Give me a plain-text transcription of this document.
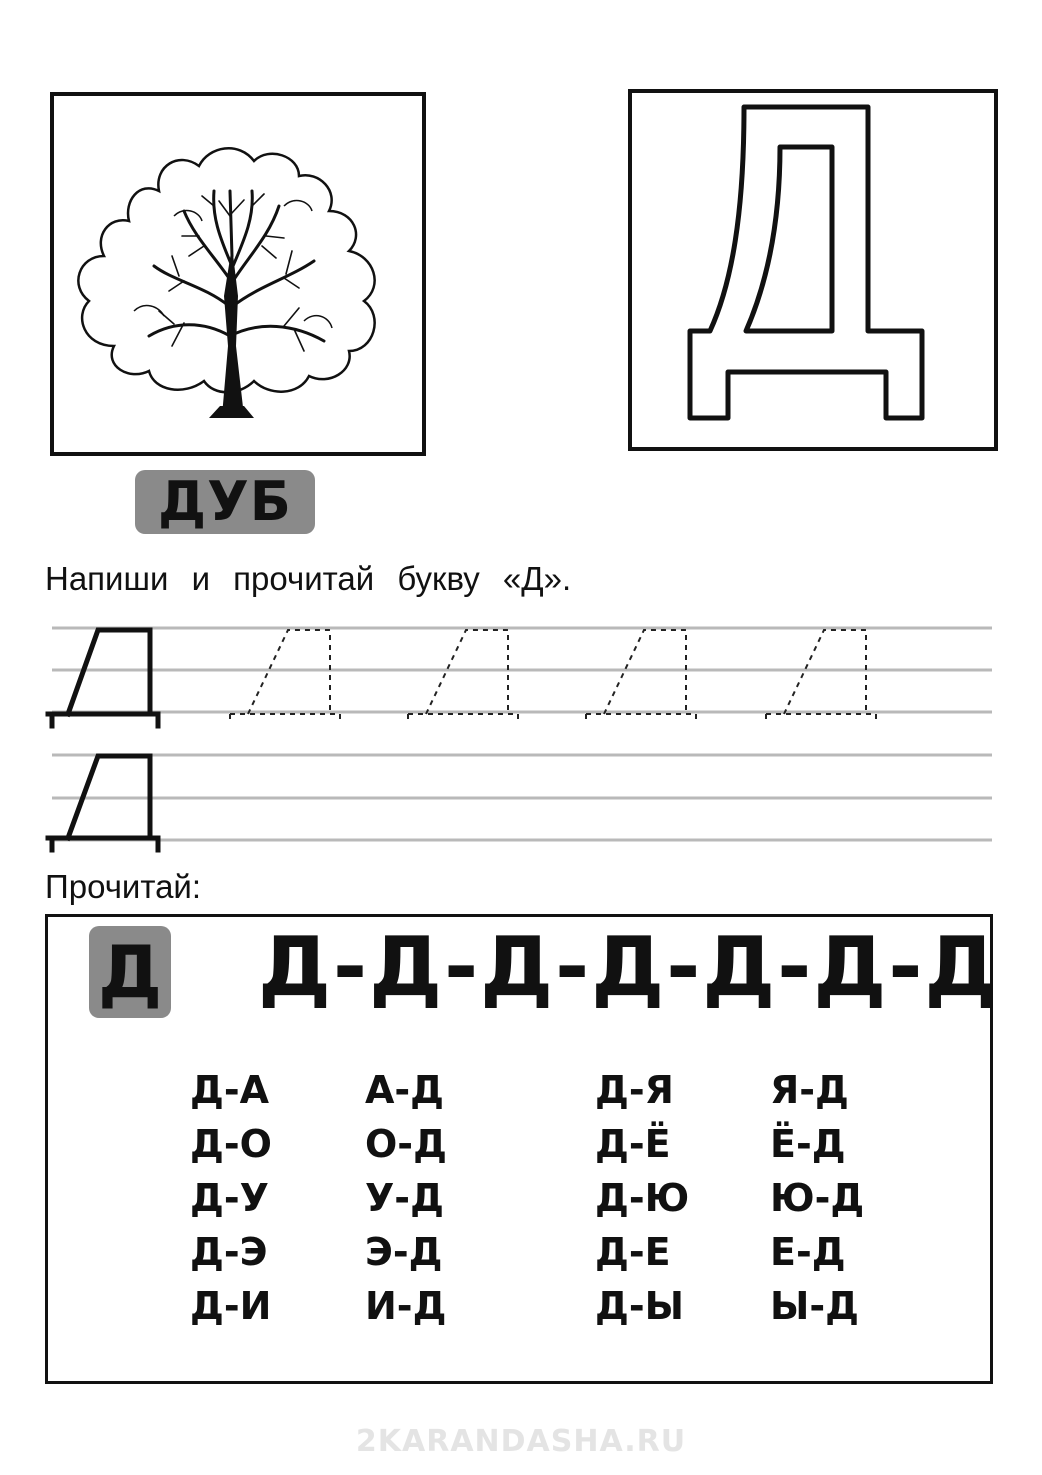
ДУБ
Напиши и прочитай букву «Д».
Прочитай:
Д Д-Д-Д-Д-Д-Д-Д
Д-А
Д-О
Д-У
Д-Э
Д-И
А-Д
О-Д
У-Д
Э-Д
И-Д
Д-Я
Д-Ё
Д-Ю
Д-Е
Д-Ы
Я-Д
Ё-Д
Ю-Д
Е-Д
Ы-Д
2KARANDASHA.RU
